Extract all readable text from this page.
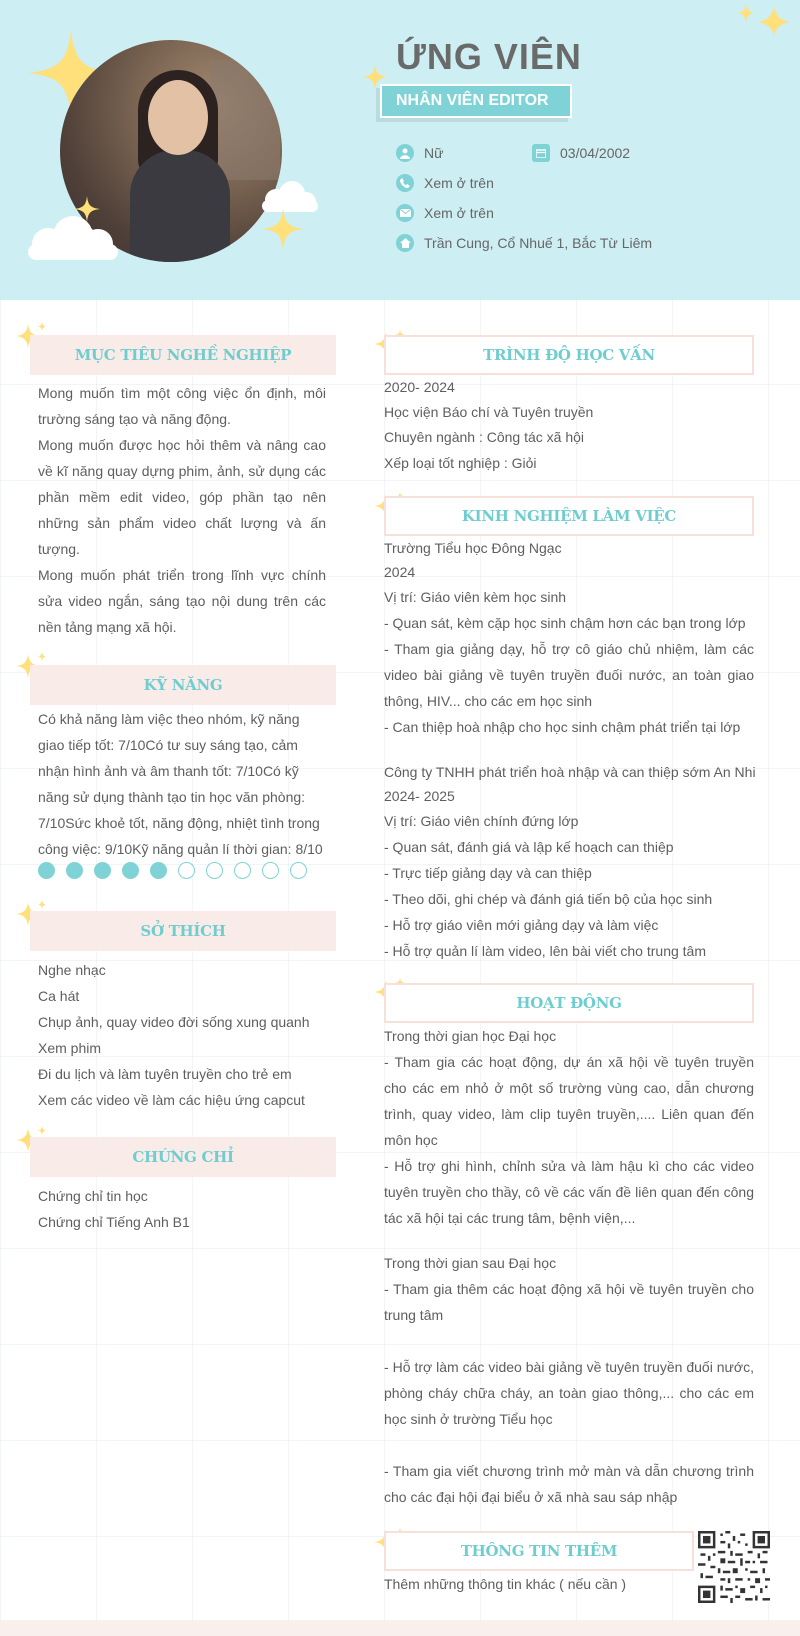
ỨNG VIÊN
NHÂN VIÊN EDITOR
Nữ	03/04/2002
Xem ở trên
Xem ở trên
Trần Cung, Cổ Nhuế 1, Bắc Từ Liêm
MỤC TIÊU NGHỀ NGHIỆP
Mong muốn tìm một công việc ổn định, môi trường sáng tạo và năng động.
Mong muốn được học hỏi thêm và nâng cao về kĩ năng quay dựng phim, ảnh, sử dụng các phần mềm edit video, góp phần tạo nên những sản phẩm video chất lượng và ấn tượng.
Mong muốn phát triển trong lĩnh vực chính sửa video ngắn, sáng tạo nội dung trên các nền tảng mạng xã hội.
KỸ NĂNG
Có khả năng làm việc theo nhóm, kỹ năng giao tiếp tốt: 7/10Có tư suy sáng tạo, cảm nhận hình ảnh và âm thanh tốt: 7/10Có kỹ năng sử dụng thành tạo tin học văn phòng: 7/10Sức khoẻ tốt, năng động, nhiệt tình trong công việc: 9/10Kỹ năng quản lí thời gian: 8/10
SỞ THÍCH
Nghe nhạc
Ca hát
Chụp ảnh, quay video đời sống xung quanh
Xem phim
Đi du lịch và làm tuyên truyền cho trẻ em
Xem các video về làm các hiệu ứng capcut
CHỨNG CHỈ
Chứng chỉ tin học
Chứng chỉ Tiếng Anh B1
TRÌNH ĐỘ HỌC VẤN
2020- 2024
Học viện Báo chí và Tuyên truyền
Chuyên ngành : Công tác xã hội
Xếp loại tốt nghiệp : Giỏi
KINH NGHIỆM LÀM VIỆC
Trường Tiểu học Đông Ngạc
2024
Vị trí: Giáo viên kèm học sinh
- Quan sát, kèm cặp học sinh chậm hơn các bạn trong lớp
- Tham gia giảng dạy, hỗ trợ cô giáo chủ nhiệm, làm các video bài giảng về tuyên truyền đuối nước, an toàn giao thông, HIV... cho các em học sinh
- Can thiệp hoà nhập cho học sinh chậm phát triển tại lớp
Công ty TNHH phát triển hoà nhập và can thiệp sớm An Nhi
2024- 2025
Vị trí: Giáo viên chính đứng lớp
- Quan sát, đánh giá và lập kế hoạch can thiệp
- Trực tiếp giảng dạy và can thiệp
- Theo dõi, ghi chép và đánh giá tiến bộ của học sinh
- Hỗ trợ giáo viên mới giảng dạy và làm việc
- Hỗ trợ quản lí làm video, lên bài viết cho trung tâm
HOẠT ĐỘNG
Trong thời gian học Đại học
- Tham gia các hoạt động, dự án xã hội về tuyên truyền cho các em nhỏ ở một số trường vùng cao, dẫn chương trình, quay video, làm clip tuyên truyền,.... Liên quan đến môn học
- Hỗ trợ ghi hình, chỉnh sửa và làm hậu kì cho các video tuyên truyền cho thầy, cô về các vấn đề liên quan đến công tác xã hội tại các trung tâm, bệnh viện,...
Trong thời gian sau Đại học
- Tham gia thêm các hoạt động xã hội về tuyên truyền cho trung tâm
- Hỗ trợ làm các video bài giảng về tuyên truyền đuối nước, phòng cháy chữa cháy, an toàn giao thông,... cho các em học sinh ở trường Tiểu học
- Tham gia viết chương trình mở màn và dẫn chương trình cho các đại hội đại biểu ở xã nhà sau sáp nhập
THÔNG TIN THÊM
Thêm những thông tin khác ( nếu cần )
